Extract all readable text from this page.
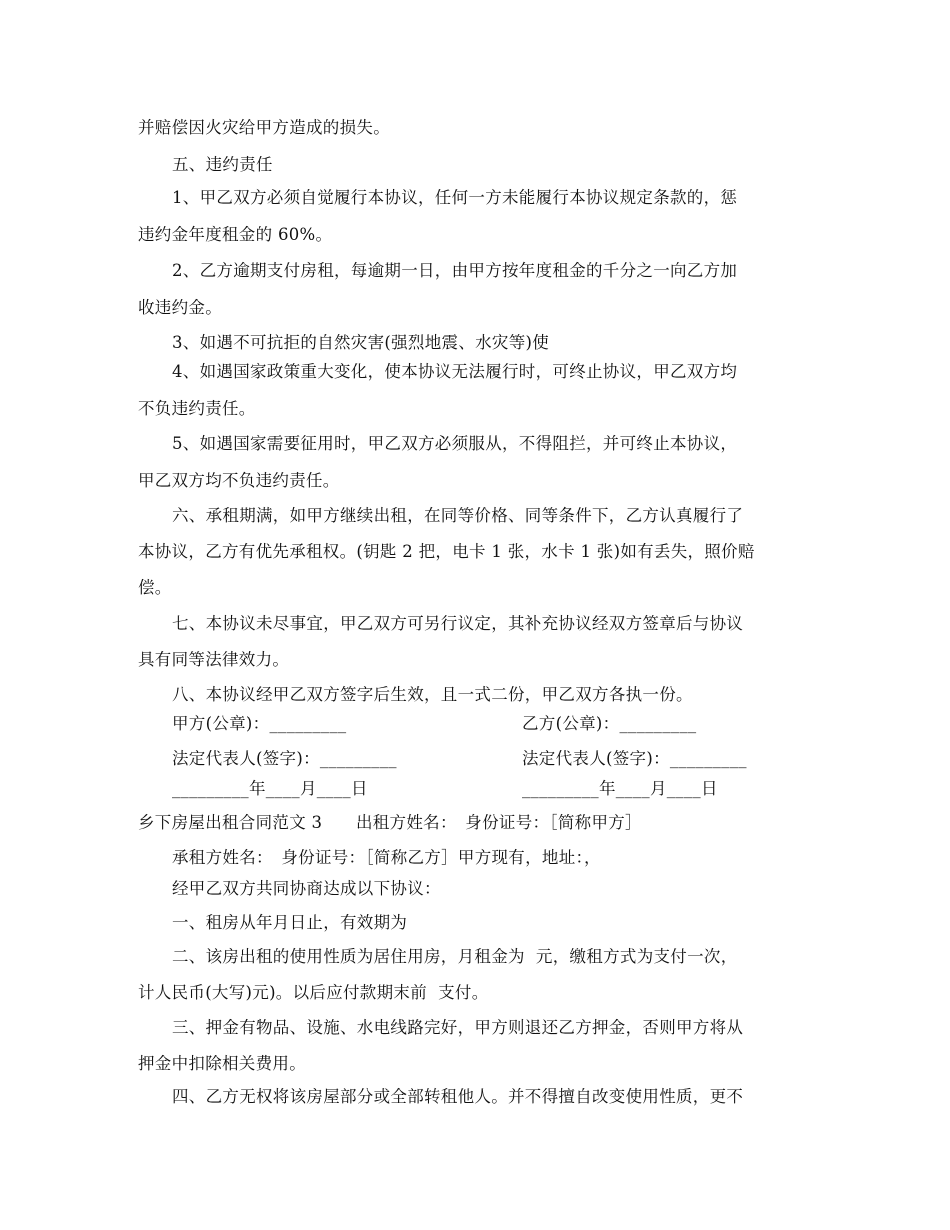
并赔偿因火灾给甲方造成的损失。
五、违约责任
1、甲乙双方必须自觉履行本协议，任何一方未能履行本协议规定条款的，惩
违约金年度租金的 60%。
2、乙方逾期支付房租，每逾期一日，由甲方按年度租金的千分之一向乙方加
收违约金。
3、如遇不可抗拒的自然灾害(强烈地震、水灾等)使
4、如遇国家政策重大变化，使本协议无法履行时，可终止协议，甲乙双方均
不负违约责任。
5、如遇国家需要征用时，甲乙双方必须服从，不得阻拦，并可终止本协议，
甲乙双方均不负违约责任。
六、承租期满，如甲方继续出租，在同等价格、同等条件下，乙方认真履行了
本协议，乙方有优先承租权。(钥匙 2 把，电卡 1 张，水卡 1 张)如有丢失，照价赔
偿。
七、本协议未尽事宜，甲乙双方可另行议定，其补充协议经双方签章后与协议
具有同等法律效力。
八、本协议经甲乙双方签字后生效，且一式二份，甲乙双方各执一份。
甲方(公章)：_________	乙方(公章)：_________
法定代表人(签字)：_________	法定代表人(签字)：_________
_________年____月____日	_________年____月____日
乡下房屋出租合同范文 3　　出租方姓名：　身份证号：［简称甲方］
承租方姓名：　身份证号：［简称乙方］甲方现有，地址：，
经甲乙双方共同协商达成以下协议：
一、租房从年月日止，有效期为
二、该房出租的使用性质为居住用房，月租金为  元，缴租方式为支付一次，
计人民币(大写)元)。以后应付款期末前  支付。
三、押金有物品、设施、水电线路完好，甲方则退还乙方押金，否则甲方将从
押金中扣除相关费用。
四、乙方无权将该房屋部分或全部转租他人。并不得擅自改变使用性质，更不
